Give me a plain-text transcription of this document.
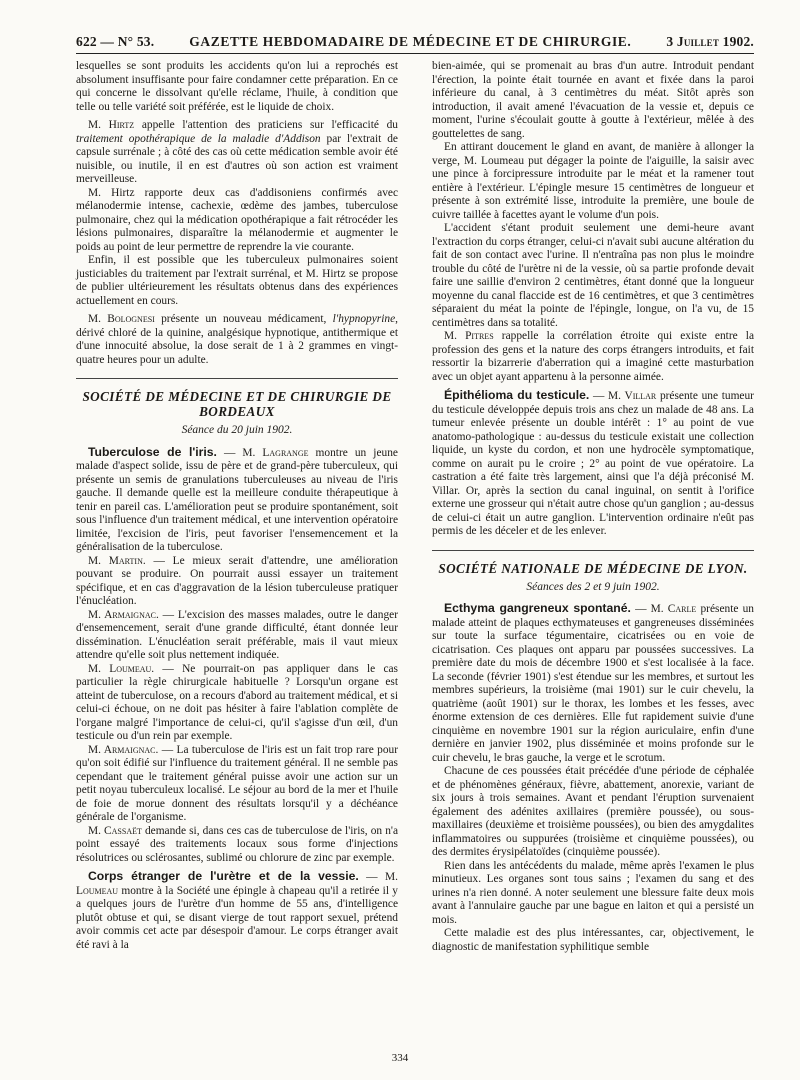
622 — N° 53.	GAZETTE HEBDOMADAIRE DE MÉDECINE ET DE CHIRURGIE.	3 Juillet 1902.

lesquelles se sont produits les accidents qu'on lui a reprochés est absolument insuffisante pour faire condamner cette préparation. En ce qui concerne le dissolvant qu'elle réclame, l'huile, à condition que telle ou telle variété soit préférée, est le liquide de choix.

M. Hirtz appelle l'attention des praticiens sur l'efficacité du traitement opothérapique de la maladie d'Addison par l'extrait de capsule surrénale ; à côté des cas où cette médication semble avoir été nuisible, ou inutile, il en est d'autres où son action est vraiment merveilleuse.

M. Hirtz rapporte deux cas d'addisoniens confirmés avec mélanodermie intense, cachexie, œdème des jambes, tuberculose pulmonaire, chez qui la médication opothérapique a fait rétrocéder les lésions pulmonaires, disparaître la mélanodermie et augmenter le poids au point de leur permettre de reprendre la vie courante.

Enfin, il est possible que les tuberculeux pulmonaires soient justiciables du traitement par l'extrait surrénal, et M. Hirtz se propose de publier ultérieurement les résultats obtenus dans des expériences actuellement en cours.

M. Bolognesi présente un nouveau médicament, l'hypnopyrine, dérivé chloré de la quinine, analgésique hypnotique, antithermique et d'une innocuité absolue, la dose serait de 1 à 2 grammes en vingt-quatre heures pour un adulte.

SOCIÉTÉ DE MÉDECINE ET DE CHIRURGIE DE BORDEAUX
Séance du 20 juin 1902.

Tuberculose de l'iris. — M. Lagrange montre un jeune malade d'aspect solide, issu de père et de grand-père tuberculeux, qui présente un semis de granulations tuberculeuses au niveau de l'iris gauche. Il demande quelle est la meilleure conduite thérapeutique à tenir en pareil cas. L'amélioration peut se produire spontanément, soit sous l'influence d'un traitement médical, et une intervention opératoire limitée, l'excision de l'iris, peut favoriser l'ensemencement et la généralisation de la tuberculose.

M. Martin. — Le mieux serait d'attendre, une amélioration pouvant se produire. On pourrait aussi essayer un traitement spécifique, et en cas d'aggravation de la lésion tuberculeuse pratiquer l'énucléation.

M. Armaignac. — L'excision des masses malades, outre le danger d'ensemencement, serait d'une grande difficulté, étant donnée leur dissémination. L'énucléation serait préférable, mais il vaut mieux attendre qu'elle soit plus nettement indiquée.

M. Loumeau. — Ne pourrait-on pas appliquer dans le cas particulier la règle chirurgicale habituelle ? Lorsqu'un organe est atteint de tuberculose, on a recours d'abord au traitement médical, et si celui-ci échoue, on ne doit pas hésiter à faire l'ablation complète de l'organe malgré l'importance de celui-ci, qu'il s'agisse d'un œil, d'un testicule ou d'un rein par exemple.

M. Armaignac. — La tuberculose de l'iris est un fait trop rare pour qu'on soit édifié sur l'influence du traitement général. Il ne semble pas cependant que le traitement général puisse avoir une action sur un petit noyau tuberculeux localisé. Le séjour au bord de la mer et l'huile de foie de morue donnent des résultats lorsqu'il y a déchéance générale de l'organisme.

M. Cassaët demande si, dans ces cas de tuberculose de l'iris, on n'a point essayé des traitements locaux sous forme d'injections résolutrices ou sclérosantes, sublimé ou chlorure de zinc par exemple.

Corps étranger de l'urètre et de la vessie. — M. Loumeau montre à la Société une épingle à chapeau qu'il a retirée il y a quelques jours de l'urètre d'un homme de 55 ans, d'intelligence plutôt obtuse et qui, se disant vierge de tout rapport sexuel, prétend avoir commis cet acte par désespoir d'amour. Le corps étranger avait été ravi à la

bien-aimée, qui se promenait au bras d'un autre. Introduit pendant l'érection, la pointe était tournée en avant et fixée dans la paroi inférieure du canal, à 3 centimètres du méat. Sitôt après son introduction, il avait amené l'évacuation de la vessie et, depuis ce moment, l'urine s'écoulait goutte à goutte à l'extérieur, mêlée à des gouttelettes de sang.

En attirant doucement le gland en avant, de manière à allonger la verge, M. Loumeau put dégager la pointe de l'aiguille, la saisir avec une pince à forcipressure introduite par le méat et la ramener tout entière à l'extérieur. L'épingle mesure 15 centimètres de longueur et présente à son extrémité lisse, introduite la première, une boule de cuivre taillée à facettes ayant le volume d'un pois.

L'accident s'étant produit seulement une demi-heure avant l'extraction du corps étranger, celui-ci n'avait subi aucune altération du fait de son contact avec l'urine. Il n'entraîna pas non plus le moindre trouble du côté de l'urètre ni de la vessie, où sa partie profonde devait faire une saillie d'environ 2 centimètres, étant donné que la longueur moyenne du canal flaccide est de 16 centimètres, et que 3 centimètres séparaient du méat la pointe de l'épingle, longue, on l'a vu, de 15 centimètres dans sa totalité.

M. Pitres rappelle la corrélation étroite qui existe entre la profession des gens et la nature des corps étrangers introduits, et fait ressortir la bizarrerie d'aberration qui a imaginé cette masturbation avec un objet ayant appartenu à la personne aimée.

Épithélioma du testicule. — M. Villar présente une tumeur du testicule développée depuis trois ans chez un malade de 48 ans. La tumeur enlevée présente un double intérêt : 1° au point de vue anatomo-pathologique : au-dessus du testicule existait une collection liquide, un kyste du cordon, et non une hydrocèle symptomatique, comme on aurait pu le croire ; 2° au point de vue opératoire. La castration a été faite très largement, ainsi que l'a déjà préconisé M. Villar. Or, après la section du canal inguinal, on sentit à l'orifice externe une grosseur qui n'était autre chose qu'un ganglion ; au-dessus de celui-ci était un autre ganglion. L'intervention ordinaire n'eût pas permis de les déceler et de les enlever.

SOCIÉTÉ NATIONALE DE MÉDECINE DE LYON.
Séances des 2 et 9 juin 1902.

Ecthyma gangreneux spontané. — M. Carle présente un malade atteint de plaques ecthymateuses et gangreneuses disséminées sur toute la surface tégumentaire, cicatrisées ou en voie de cicatrisation. Ces plaques ont apparu par poussées successives. La première date du mois de décembre 1900 et s'est localisée à la face. La seconde (février 1901) s'est étendue sur les membres, et surtout les membres supérieurs, la troisième (mai 1901) sur le cuir chevelu, la quatrième (août 1901) sur le thorax, les lombes et les fesses, avec énorme extension de ces dernières. Elle fut rapidement suivie d'une cinquième en novembre 1901 sur la région auriculaire, enfin d'une dernière en janvier 1902, plus disséminée et moins profonde sur le cuir chevelu, le bras gauche, la verge et le scrotum.

Chacune de ces poussées était précédée d'une période de céphalée et de phénomènes généraux, fièvre, abattement, anorexie, variant de six jours à trois semaines. Avant et pendant l'éruption survenaient également des adénites axillaires (première poussée), ou sous-maxillaires (deuxième et troisième poussées), ou bien des amygdalites inflammatoires ou suppurées (troisième et cinquième poussées), ou des dermites érysipélatoïdes (cinquième poussée).

Rien dans les antécédents du malade, même après l'examen le plus minutieux. Les organes sont tous sains ; l'examen du sang et des urines n'a rien donné. A noter seulement une blessure faite deux mois avant à l'annulaire gauche par une bague en laiton et qui a persisté un mois.

Cette maladie est des plus intéressantes, car, objectivement, le diagnostic de manifestation syphilitique semble

334
